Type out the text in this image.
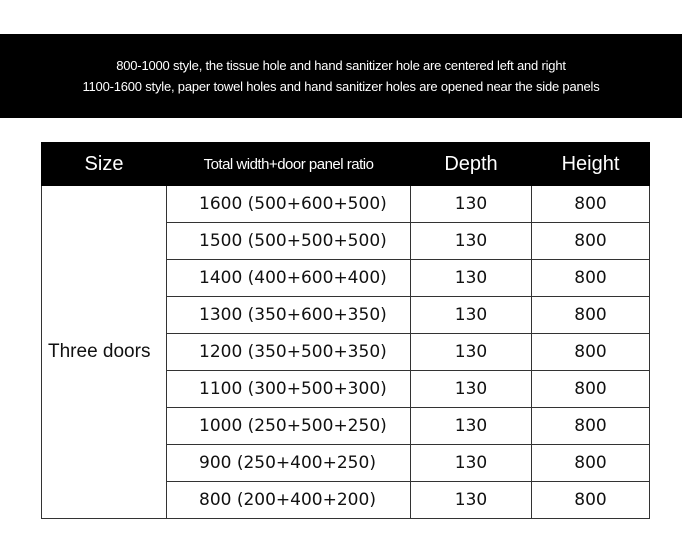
800-1000 style, the tissue hole and hand sanitizer hole are centered left and right
1100-1600 style, paper towel holes and hand sanitizer holes are opened near the side panels
Size	Total width+door panel ratio	Depth	Height
Three doors	1600 (500+600+500)	130	800
	1500 (500+500+500)	130	800
	1400 (400+600+400)	130	800
	1300 (350+600+350)	130	800
	1200 (350+500+350)	130	800
	1100 (300+500+300)	130	800
	1000 (250+500+250)	130	800
	900 (250+400+250)	130	800
	800 (200+400+200)	130	800
